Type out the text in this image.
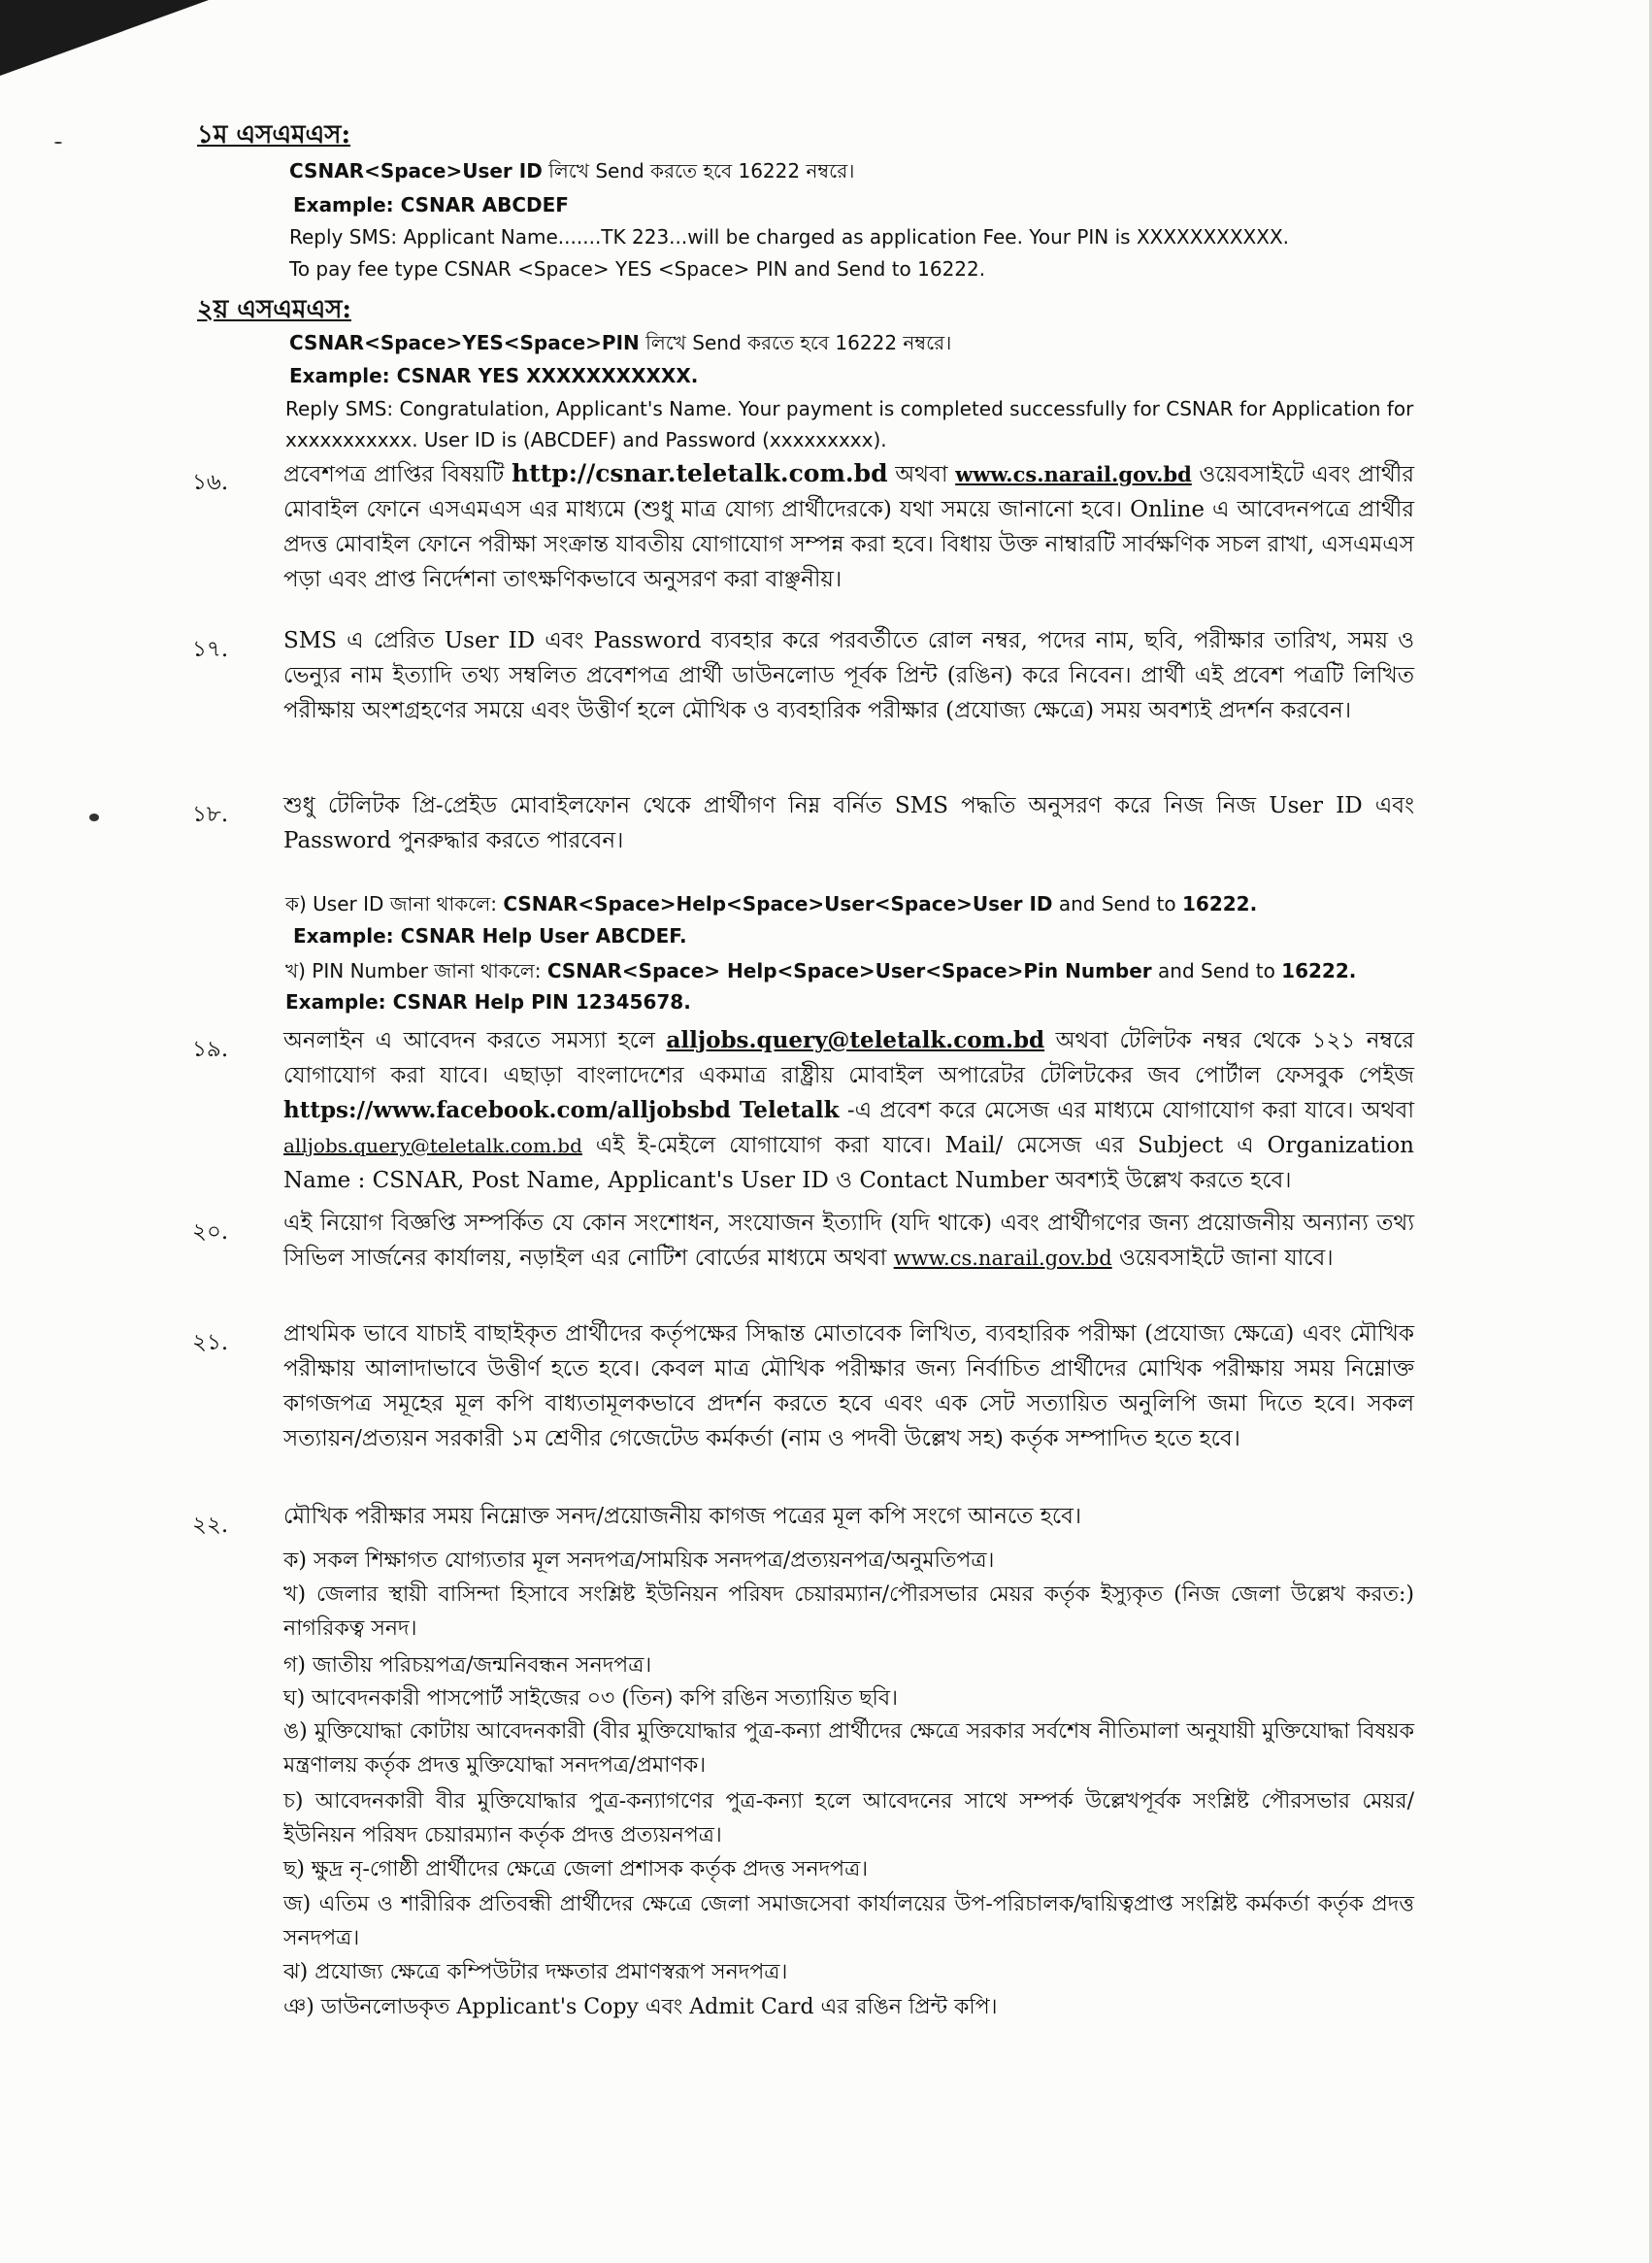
১ম এসএমএস:
CSNAR<Space>User ID লিখে Send করতে হবে 16222 নম্বরে।
Example: CSNAR ABCDEF
Reply SMS: Applicant Name.......TK 223...will be charged as application Fee. Your PIN is XXXXXXXXXXX.
To pay fee type CSNAR <Space> YES <Space> PIN and Send to 16222.
২য় এসএমএস:
CSNAR<Space>YES<Space>PIN লিখে Send করতে হবে 16222 নম্বরে।
Example: CSNAR YES XXXXXXXXXXX.
Reply SMS: Congratulation, Applicant's Name. Your payment is completed successfully for CSNAR for Application for
xxxxxxxxxxx. User ID is (ABCDEF) and Password (xxxxxxxxx).
১৬. প্রবেশপত্র প্রাপ্তির বিষয়টি http://csnar.teletalk.com.bd অথবা www.cs.narail.gov.bd ওয়েবসাইটে এবং প্রার্থীর মোবাইল ফোনে এসএমএস এর মাধ্যমে (শুধু মাত্র যোগ্য প্রার্থীদেরকে) যথা সময়ে জানানো হবে। Online এ আবেদনপত্রে প্রার্থীর প্রদত্ত মোবাইল ফোনে পরীক্ষা সংক্রান্ত যাবতীয় যোগাযোগ সম্পন্ন করা হবে। বিধায় উক্ত নাম্বারটি সার্বক্ষণিক সচল রাখা, এসএমএস পড়া এবং প্রাপ্ত নির্দেশনা তাৎক্ষণিকভাবে অনুসরণ করা বাঞ্ছনীয়।
১৭. SMS এ প্রেরিত User ID এবং Password ব্যবহার করে পরবর্তীতে রোল নম্বর, পদের নাম, ছবি, পরীক্ষার তারিখ, সময় ও ভেন্যুর নাম ইত্যাদি তথ্য সম্বলিত প্রবেশপত্র প্রার্থী ডাউনলোড পূর্বক প্রিন্ট (রঙিন) করে নিবেন। প্রার্থী এই প্রবেশ পত্রটি লিখিত পরীক্ষায় অংশগ্রহণের সময়ে এবং উত্তীর্ণ হলে মৌখিক ও ব্যবহারিক পরীক্ষার (প্রযোজ্য ক্ষেত্রে) সময় অবশ্যই প্রদর্শন করবেন।
১৮. শুধু টেলিটক প্রি-প্রেইড মোবাইলফোন থেকে প্রার্থীগণ নিম্ন বর্নিত SMS পদ্ধতি অনুসরণ করে নিজ নিজ User ID এবং Password পুনরুদ্ধার করতে পারবেন।
ক) User ID জানা থাকলে: CSNAR<Space>Help<Space>User<Space>User ID and Send to 16222.
Example: CSNAR Help User ABCDEF.
খ) PIN Number জানা থাকলে: CSNAR<Space> Help<Space>User<Space>Pin Number and Send to 16222.
Example: CSNAR Help PIN 12345678.
১৯. অনলাইন এ আবেদন করতে সমস্যা হলে alljobs.query@teletalk.com.bd অথবা টেলিটক নম্বর থেকে ১২১ নম্বরে যোগাযোগ করা যাবে। এছাড়া বাংলাদেশের একমাত্র রাষ্ট্রীয় মোবাইল অপারেটর টেলিটকের জব পোর্টাল ফেসবুক পেইজ https://www.facebook.com/alljobsbd Teletalk -এ প্রবেশ করে মেসেজ এর মাধ্যমে যোগাযোগ করা যাবে। অথবা alljobs.query@teletalk.com.bd এই ই-মেইলে যোগাযোগ করা যাবে। Mail/ মেসেজ এর Subject এ Organization Name : CSNAR, Post Name, Applicant's User ID ও Contact Number অবশ্যই উল্লেখ করতে হবে।
২০. এই নিয়োগ বিজ্ঞপ্তি সম্পর্কিত যে কোন সংশোধন, সংযোজন ইত্যাদি (যদি থাকে) এবং প্রার্থীগণের জন্য প্রয়োজনীয় অন্যান্য তথ্য সিভিল সার্জনের কার্যালয়, নড়াইল এর নোটিশ বোর্ডের মাধ্যমে অথবা www.cs.narail.gov.bd ওয়েবসাইটে জানা যাবে।
২১. প্রাথমিক ভাবে যাচাই বাছাইকৃত প্রার্থীদের কর্তৃপক্ষের সিদ্ধান্ত মোতাবেক লিখিত, ব্যবহারিক পরীক্ষা (প্রযোজ্য ক্ষেত্রে) এবং মৌখিক পরীক্ষায় আলাদাভাবে উত্তীর্ণ হতে হবে। কেবল মাত্র মৌখিক পরীক্ষার জন্য নির্বাচিত প্রার্থীদের মোখিক পরীক্ষায় সময় নিম্নোক্ত কাগজপত্র সমূহের মূল কপি বাধ্যতামূলকভাবে প্রদর্শন করতে হবে এবং এক সেট সত্যায়িত অনুলিপি জমা দিতে হবে। সকল সত্যায়ন/প্রত্যয়ন সরকারী ১ম শ্রেণীর গেজেটেড কর্মকর্তা (নাম ও পদবী উল্লেখ সহ) কর্তৃক সম্পাদিত হতে হবে।
২২. মৌখিক পরীক্ষার সময় নিম্নোক্ত সনদ/প্রয়োজনীয় কাগজ পত্রের মূল কপি সংগে আনতে হবে।
ক) সকল শিক্ষাগত যোগ্যতার মূল সনদপত্র/সাময়িক সনদপত্র/প্রত্যয়নপত্র/অনুমতিপত্র।
খ) জেলার স্থায়ী বাসিন্দা হিসাবে সংশ্লিষ্ট ইউনিয়ন পরিষদ চেয়ারম্যান/পৌরসভার মেয়র কর্তৃক ইস্যুকৃত (নিজ জেলা উল্লেখ করত:) নাগরিকত্ব সনদ।
গ) জাতীয় পরিচয়পত্র/জন্মনিবন্ধন সনদপত্র।
ঘ) আবেদনকারী পাসপোর্ট সাইজের ০৩ (তিন) কপি রঙিন সত্যায়িত ছবি।
ঙ) মুক্তিযোদ্ধা কোটায় আবেদনকারী (বীর মুক্তিযোদ্ধার পুত্র-কন্যা প্রার্থীদের ক্ষেত্রে সরকার সর্বশেষ নীতিমালা অনুযায়ী মুক্তিযোদ্ধা বিষয়ক মন্ত্রণালয় কর্তৃক প্রদত্ত মুক্তিযোদ্ধা সনদপত্র/প্রমাণক।
চ) আবেদনকারী বীর মুক্তিযোদ্ধার পুত্র-কন্যাগণের পুত্র-কন্যা হলে আবেদনের সাথে সম্পর্ক উল্লেখপূর্বক সংশ্লিষ্ট পৌরসভার মেয়র/ইউনিয়ন পরিষদ চেয়ারম্যান কর্তৃক প্রদত্ত প্রত্যয়নপত্র।
ছ) ক্ষুদ্র নৃ-গোষ্ঠী প্রার্থীদের ক্ষেত্রে জেলা প্রশাসক কর্তৃক প্রদত্ত সনদপত্র।
জ) এতিম ও শারীরিক প্রতিবন্ধী প্রার্থীদের ক্ষেত্রে জেলা সমাজসেবা কার্যালয়ের উপ-পরিচালক/দ্বায়িত্বপ্রাপ্ত সংশ্লিষ্ট কর্মকর্তা কর্তৃক প্রদত্ত সনদপত্র।
ঝ) প্রযোজ্য ক্ষেত্রে কম্পিউটার দক্ষতার প্রমাণস্বরূপ সনদপত্র।
ঞ) ডাউনলোডকৃত Applicant's Copy এবং Admit Card এর রঙিন প্রিন্ট কপি।
